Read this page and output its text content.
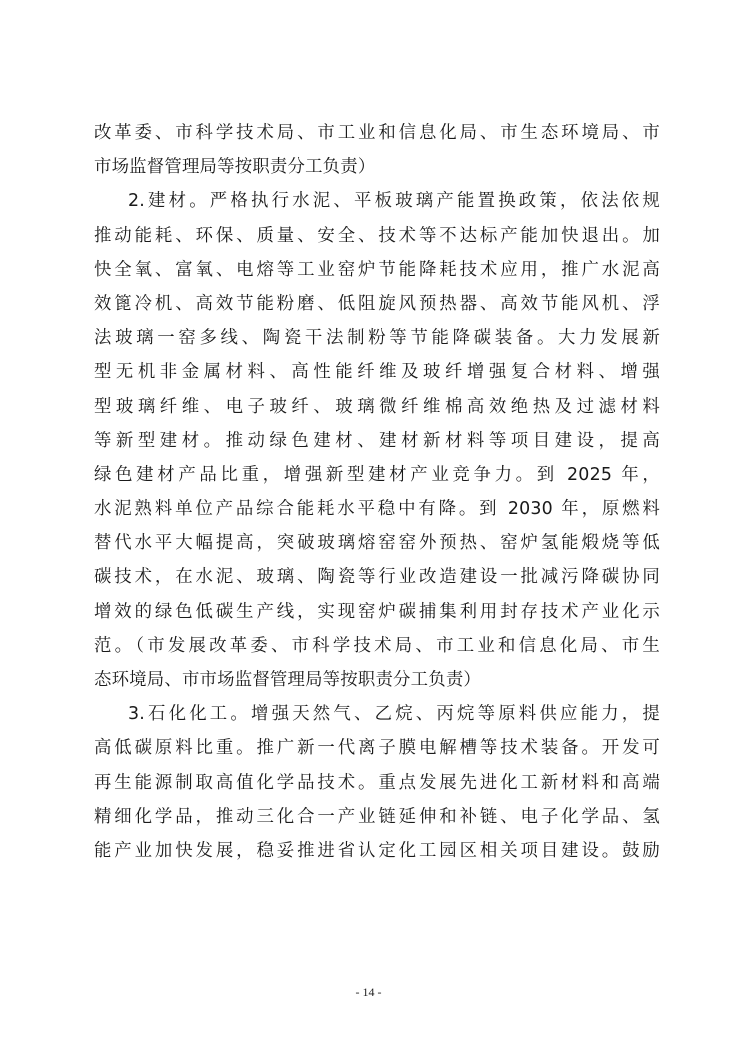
改革委、市科学技术局、市工业和信息化局、市生态环境局、市
市场监督管理局等按职责分工负责）
2.建材。严格执行水泥、平板玻璃产能置换政策，依法依规
推动能耗、环保、质量、安全、技术等不达标产能加快退出。加
快全氧、富氧、电熔等工业窑炉节能降耗技术应用，推广水泥高
效篦冷机、高效节能粉磨、低阻旋风预热器、高效节能风机、浮
法玻璃一窑多线、陶瓷干法制粉等节能降碳装备。大力发展新
型无机非金属材料、高性能纤维及玻纤增强复合材料、增强
型玻璃纤维、电子玻纤、玻璃微纤维棉高效绝热及过滤材料
等新型建材。推动绿色建材、建材新材料等项目建设，提高
绿色建材产品比重，增强新型建材产业竞争力。到 2025 年，
水泥熟料单位产品综合能耗水平稳中有降。到 2030 年，原燃料
替代水平大幅提高，突破玻璃熔窑窑外预热、窑炉氢能煅烧等低
碳技术，在水泥、玻璃、陶瓷等行业改造建设一批减污降碳协同
增效的绿色低碳生产线，实现窑炉碳捕集利用封存技术产业化示
范。（市发展改革委、市科学技术局、市工业和信息化局、市生
态环境局、市市场监督管理局等按职责分工负责）
3.石化化工。增强天然气、乙烷、丙烷等原料供应能力，提
高低碳原料比重。推广新一代离子膜电解槽等技术装备。开发可
再生能源制取高值化学品技术。重点发展先进化工新材料和高端
精细化学品，推动三化合一产业链延伸和补链、电子化学品、氢
能产业加快发展，稳妥推进省认定化工园区相关项目建设。鼓励
- 14 -
